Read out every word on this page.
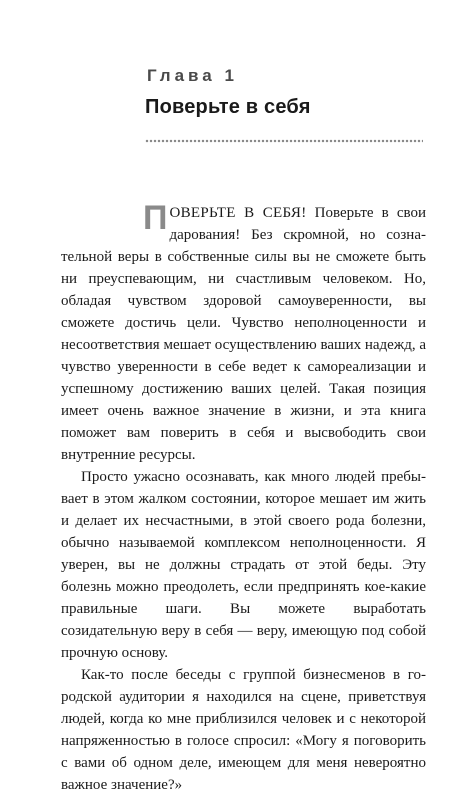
Глава 1
Поверьте в себя

ПОВЕРЬТЕ В СЕБЯ! Поверьте в свои дарования! Без скромной, но сознательной веры в собственные силы вы не сможете быть ни преуспевающим, ни счастливым человеком. Но, обладая чувством здоровой самоуверенности, вы сможете достичь цели. Чувство неполноценности и несоответствия мешает осуществлению ваших надежд, а чувство уверенности в себе ведет к самореализации и успешному достижению ваших целей. Такая позиция имеет очень важное значение в жизни, и эта книга поможет вам поверить в себя и высвободить свои внутренние ресурсы.

Просто ужасно осознавать, как много людей пребывает в этом жалком состоянии, которое мешает им жить и делает их несчастными, в этой своего рода болезни, обычно называемой комплексом неполноценности. Я уверен, вы не должны страдать от этой беды. Эту болезнь можно преодолеть, если предпринять кое-какие правильные шаги. Вы можете выработать созидательную веру в себя — веру, имеющую под собой прочную основу.

Как-то после беседы с группой бизнесменов в городской аудитории я находился на сцене, приветствуя людей, когда ко мне приблизился человек и с некоторой напряженностью в голосе спросил: «Могу я поговорить с вами об одном деле, имеющем для меня невероятно важное значение?»
